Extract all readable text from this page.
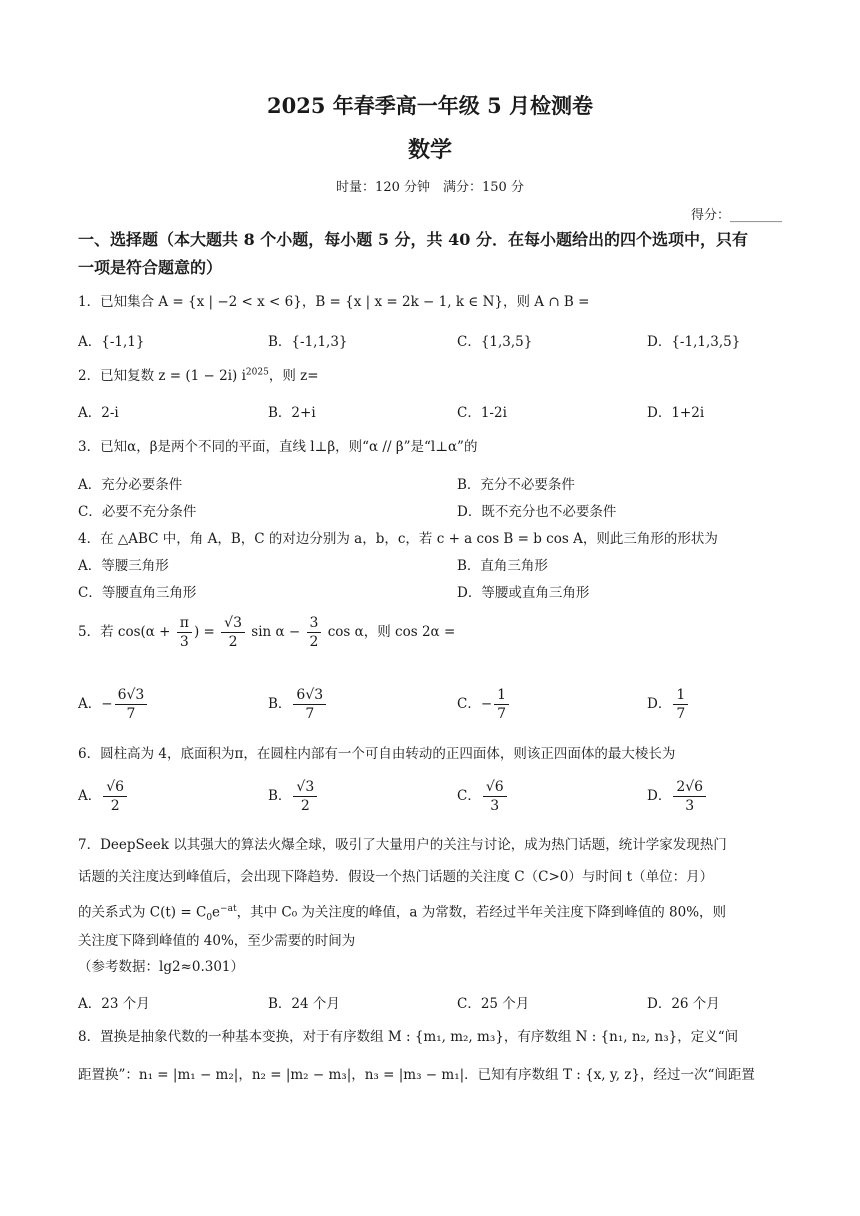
2025 年春季高一年级 5 月检测卷
数学
时量：120 分钟　满分：150 分
得分：________
一、选择题（本大题共 8 个小题，每小题 5 分，共 40 分．在每小题给出的四个选项中，只有
一项是符合题意的）
1．已知集合 A = {x | −2 < x < 6}，B = {x | x = 2k − 1, k ∈ N}，则 A ∩ B =
A．{-1,1}	B．{-1,1,3}	C．{1,3,5}	D．{-1,1,3,5}
2．已知复数 z = (1 − 2i) $i^{2025}$，则 z=
A．2-i	B．2+i	C．1-2i	D．1+2i
3．已知α，β是两个不同的平面，直线 l⊥β，则“α // β”是“l⊥α”的
A．充分必要条件	B．充分不必要条件
C．必要不充分条件	D．既不充分也不必要条件
4．在 △ABC 中，角 A，B，C 的对边分别为 a，b，c，若 c + a cos B = b cos A，则此三角形的形状为
A．等腰三角形	B．直角三角形
C．等腰直角三角形	D．等腰或直角三角形
5．若 $\cos(\alpha + \frac{\pi}{3}$ ) = $\frac{√3}{2}$ $\sin \alpha - \frac{3}{2}$ cos α，则 cos 2α =
A．− $\frac{6√3}{7}$	B． $\frac{6√3}{7}$	C．− $\frac{1}{7}$	D． $\frac{1}{7}$
6．圆柱高为 4，底面积为π，在圆柱内部有一个可自由转动的正四面体，则该正四面体的最大棱长为
A． $\frac{√6}{2}$	B． $\frac{√3}{2}$	C． $\frac{√6}{3}$	D． $\frac{2√6}{3}$
7．DeepSeek 以其强大的算法火爆全球，吸引了大量用户的关注与讨论，成为热门话题，统计学家发现热门
话题的关注度达到峰值后，会出现下降趋势．假设一个热门话题的关注度 C（C>0）与时间 t（单位：月）
的关系式为 $C(t) = C_0e^{-at}$，其中 C₀ 为关注度的峰值，a 为常数，若经过半年关注度下降到峰值的 80%，则
关注度下降到峰值的 40%，至少需要的时间为
（参考数据：lg2≈0.301）
A．23 个月	B．24 个月	C．25 个月	D．26 个月
8．置换是抽象代数的一种基本变换，对于有序数组 M : {m₁, m₂, m₃}，有序数组 N : {n₁, n₂, n₃}，定义“间
距置换”：n₁ = |m₁ − m₂|，n₂ = |m₂ − m₃|，n₃ = |m₃ − m₁|．已知有序数组 T : {x, y, z}，经过一次“间距置
